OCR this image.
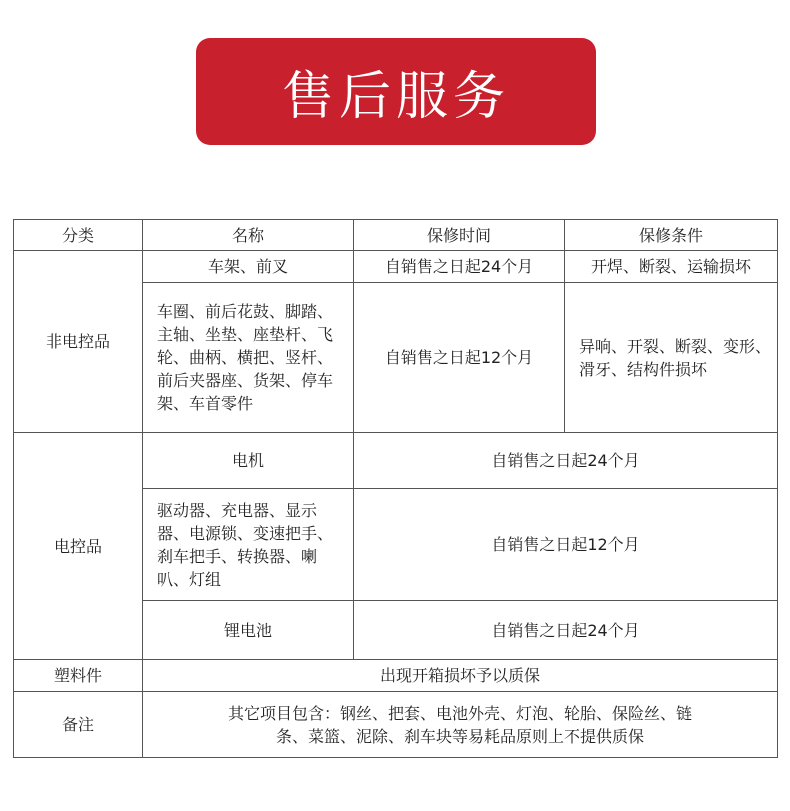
售后服务
分类	名称	保修时间	保修条件
非电控品	车架、前叉	自销售之日起24个月	开焊、断裂、运输损坏
	车圈、前后花鼓、脚踏、主轴、坐垫、座垫杆、飞轮、曲柄、横把、竖杆、前后夹器座、货架、停车架、车首零件	自销售之日起12个月	异响、开裂、断裂、变形、滑牙、结构件损坏
电控品	电机	自销售之日起24个月	
	驱动器、充电器、显示器、电源锁、变速把手、刹车把手、转换器、喇叭、灯组	自销售之日起12个月	
	锂电池	自销售之日起24个月	
塑料件	出现开箱损坏予以质保		
备注	其它项目包含：钢丝、把套、电池外壳、灯泡、轮胎、保险丝、链条、菜篮、泥除、刹车块等易耗品原则上不提供质保		
